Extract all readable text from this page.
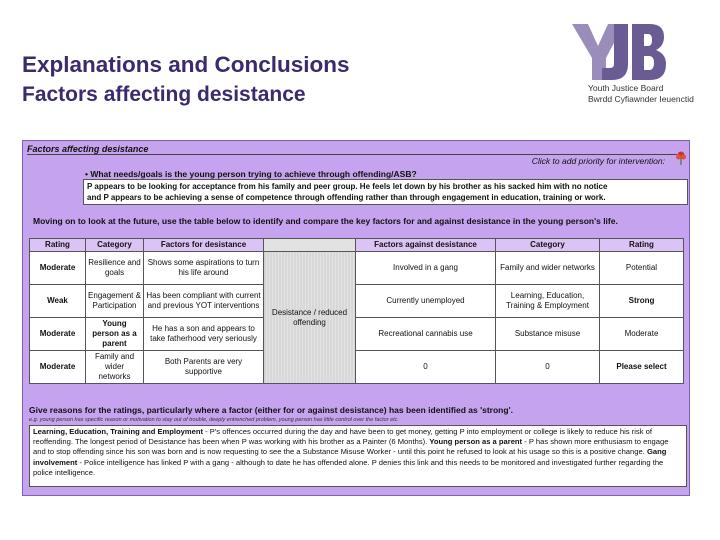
Explanations and Conclusions
Factors affecting desistance	Youth Justice Board
Bwrdd Cyfiawnder Ieuenctid
Factors affecting desistance
Click to add priority for intervention:
• What needs/goals is the young person trying to achieve through offending/ASB?
P appears to be looking for acceptance from his family and peer group. He feels let down by his brother as his sacked him with no notice
and P appears to be achieving a sense of competence through offending rather than through engagement in education, training or work.
Moving on to look at the future, use the table below to identify and compare the key factors for and against desistance in the young person's life.
Rating	Category	Factors for desistance		Factors against desistance	Category	Rating
Moderate	Resilience and goals	Shows some aspirations to turn his life around	Desistance / reduced offending	Involved in a gang	Family and wider networks	Potential
Weak	Engagement & Participation	Has been compliant with current and previous YOT interventions		Currently unemployed	Learning, Education, Training & Employment	Strong
Moderate	Young person as a parent	He has a son and appears to take fatherhood very seriously		Recreational cannabis use	Substance misuse	Moderate
Moderate	Family and wider networks	Both Parents are very supportive		0	0	Please select
Give reasons for the ratings, particularly where a factor (either for or against desistance) has been identified as 'strong'.
e.g. young person has specific reason or motivation to stay out of trouble, deeply entrenched problem, young person has little control over the factor etc.
Learning, Education, Training and Employment - P's offences occurred during the day and have been to get money, getting P into employment or college is likely to reduce his risk of reoffending. The longest period of Desistance has been when P was working with his brother as a Painter (6 Months). Young person as a parent - P has shown more enthusiasm to engage and to stop offending since his son was born and is now requesting to see the a Substance Misuse Worker - until this point he refused to look at his usage so this is a positive change. Gang involvement - Police intelligence has linked P with a gang - although to date he has offended alone. P denies this link and this needs to be monitored and investigated further regarding the police intelligence.
